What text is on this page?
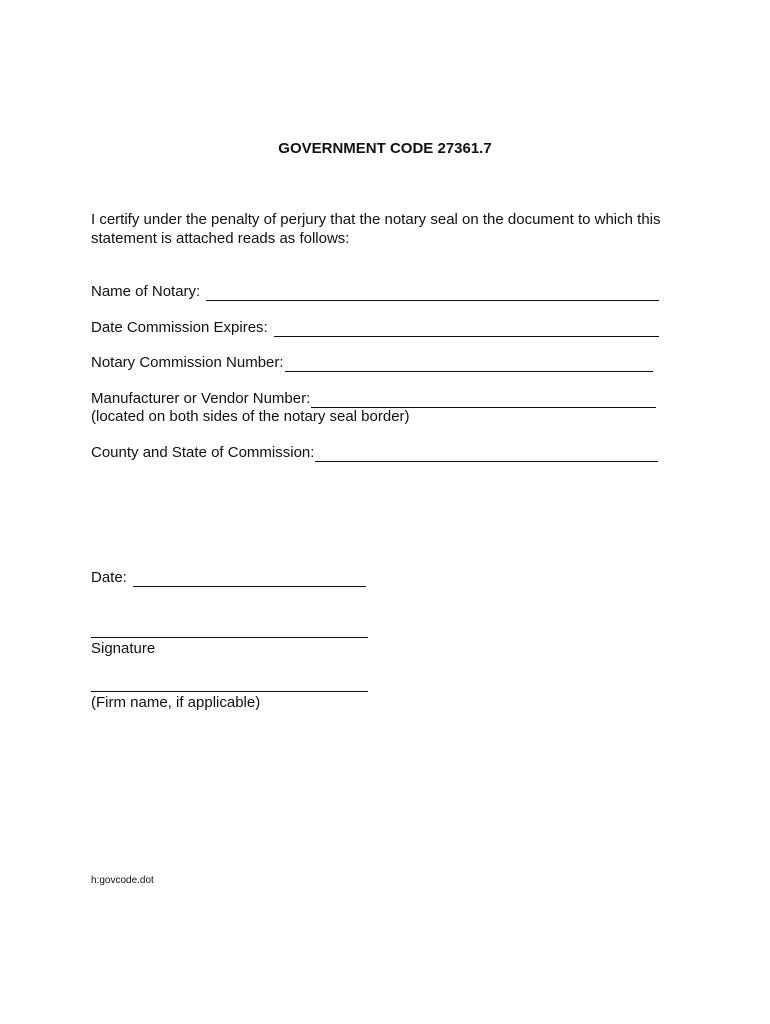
GOVERNMENT CODE 27361.7
I certify under the penalty of perjury that the notary seal on the document to which this statement is attached reads as follows:
Name of Notary:
Date Commission Expires:
Notary Commission Number:
Manufacturer or Vendor Number:
(located on both sides of the notary seal border)
County and State of Commission:
Date:
Signature
(Firm name, if applicable)
h:govcode.dot
